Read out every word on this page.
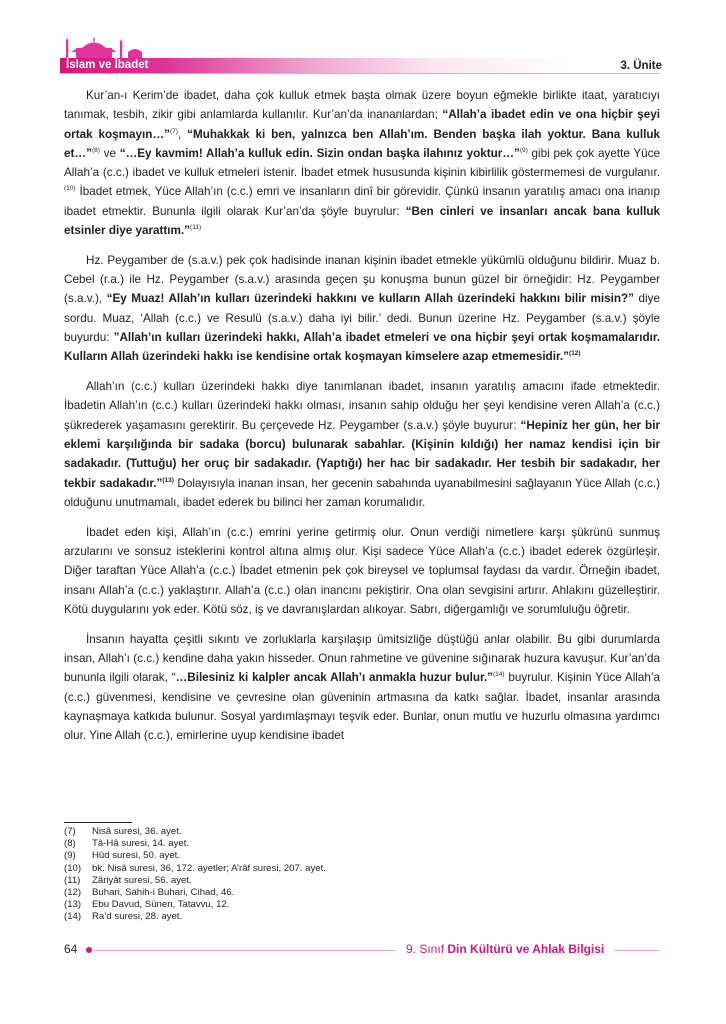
İslam ve İbadet	3. Ünite

Kur’an-ı Kerim’de ibadet, daha çok kulluk etmek başta olmak üzere boyun eğmekle birlikte itaat, yaratıcıyı tanımak, tesbih, zikir gibi anlamlarda kullanılır. Kur’an’da inananlardan; “Allah’a ibadet edin ve ona hiçbir şeyi ortak koşmayın…”$^{(7)}$, “Muhakkak ki ben, yalnızca ben Allah’ım. Benden başka ilah yoktur. Bana kulluk et…”$^{(8)}$ ve “…Ey kavmim! Allah’a kulluk edin. Sizin ondan başka ilahınız yoktur…”$^{(9)}$ gibi pek çok ayette Yüce Allah’a (c.c.) ibadet ve kulluk etmeleri istenir. İbadet etmek hususunda kişinin kibirlilik göstermemesi de vurgulanır.$^{(10)}$ İbadet etmek, Yüce Allah’ın (c.c.) emri ve insanların dinî bir görevidir. Çünkü insanın yaratılış amacı ona inanıp ibadet etmektir. Bununla ilgili olarak Kur’an’da şöyle buyrulur: “Ben cinleri ve insanları ancak bana kulluk etsinler diye yarattım.”$^{(11)}$

Hz. Peygamber de (s.a.v.) pek çok hadisinde inanan kişinin ibadet etmekle yükümlü olduğunu bildirir. Muaz b. Cebel (r.a.) ile Hz. Peygamber (s.a.v.) arasında geçen şu konuşma bunun güzel bir örneğidir: Hz. Peygamber (s.a.v.), “Ey Muaz! Allah’ın kulları üzerindeki hakkını ve kulların Allah üzerindeki hakkını bilir misin?” diye sordu. Muaz, ‘Allah (c.c.) ve Resulü (s.a.v.) daha iyi bilir.’ dedi. Bunun üzerine Hz. Peygamber (s.a.v.) şöyle buyurdu: ”Allah’ın kulları üzerindeki hakkı, Allah’a ibadet etmeleri ve ona hiçbir şeyi ortak koşmamalarıdır. Kulların Allah üzerindeki hakkı ise kendisine ortak koşmayan kimselere azap etmemesidir.”$^{(12)}$

Allah’ın (c.c.) kulları üzerindeki hakkı diye tanımlanan ibadet, insanın yaratılış amacını ifade etmektedir. İbadetin Allah’ın (c.c.) kulları üzerindeki hakkı olması, insanın sahip olduğu her şeyi kendisine veren Allah’a (c.c.) şükrederek yaşamasını gerektirir. Bu çerçevede Hz. Peygamber (s.a.v.) şöyle buyurur: “Hepiniz her gün, her bir eklemi karşılığında bir sadaka (borcu) bulunarak sabahlar. (Kişinin kıldığı) her namaz kendisi için bir sadakadır. (Tuttuğu) her oruç bir sadakadır. (Yaptığı) her hac bir sadakadır. Her tesbih bir sadakadır, her tekbir sadakadır.”$^{(13)}$ Dolayısıyla inanan insan, her gecenin sabahında uyanabilmesini sağlayanın Yüce Allah (c.c.) olduğunu unutmamalı, ibadet ederek bu bilinci her zaman korumalıdır.

İbadet eden kişi, Allah’ın (c.c.) emrini yerine getirmiş olur. Onun verdiği nimetlere karşı şükrünü sunmuş arzularını ve sonsuz isteklerini kontrol altına almış olur. Kişi sadece Yüce Allah’a (c.c.) ibadet ederek özgürleşir. Diğer taraftan Yüce Allah’a (c.c.) İbadet etmenin pek çok bireysel ve toplumsal faydası da vardır. Örneğin ibadet, insanı Allah’a (c.c.) yaklaştırır. Allah’a (c.c.) olan inancını pekiştirir. Ona olan sevgisini artırır. Ahlakını güzelleştirir. Kötü duygularını yok eder. Kötü söz, iş ve davranışlardan alıkoyar. Sabrı, diğergamlığı ve sorumluluğu öğretir.

İnsanın hayatta çeşitli sıkıntı ve zorluklarla karşılaşıp ümitsizliğe düştüğü anlar olabilir. Bu gibi durumlarda insan, Allah’ı (c.c.) kendine daha yakın hisseder. Onun rahmetine ve güvenine sığınarak huzura kavuşur. Kur’an’da bununla ilgili olarak, “…Bilesiniz ki kalpler ancak Allah’ı anmakla huzur bulur.”$^{(14)}$ buyrulur. Kişinin Yüce Allah’a (c.c.) güvenmesi, kendisine ve çevresine olan güveninin artmasına da katkı sağlar. İbadet, insanlar arasında kaynaşmaya katkıda bulunur. Sosyal yardımlaşmayı teşvik eder. Bunlar, onun mutlu ve huzurlu olmasına yardımcı olur. Yine Allah (c.c.), emirlerine uyup kendisine ibadet

(7)	Nisâ suresi, 36. ayet.
(8)	Tâ-Hâ suresi, 14. ayet.
(9)	Hûd suresi, 50. ayet.
(10)	bk. Nisâ suresi, 36, 172. ayetler; A’râf suresi, 207. ayet.
(11)	Zâriyât suresi, 56. ayet.
(12)	Buhari, Sahih-i Buhari, Cihad, 46.
(13)	Ebu Davud, Sünen, Tatavvu, 12.
(14)	Ra’d suresi, 28. ayet.
64	9. Sınıf Din Kültürü ve Ahlak Bilgisi
